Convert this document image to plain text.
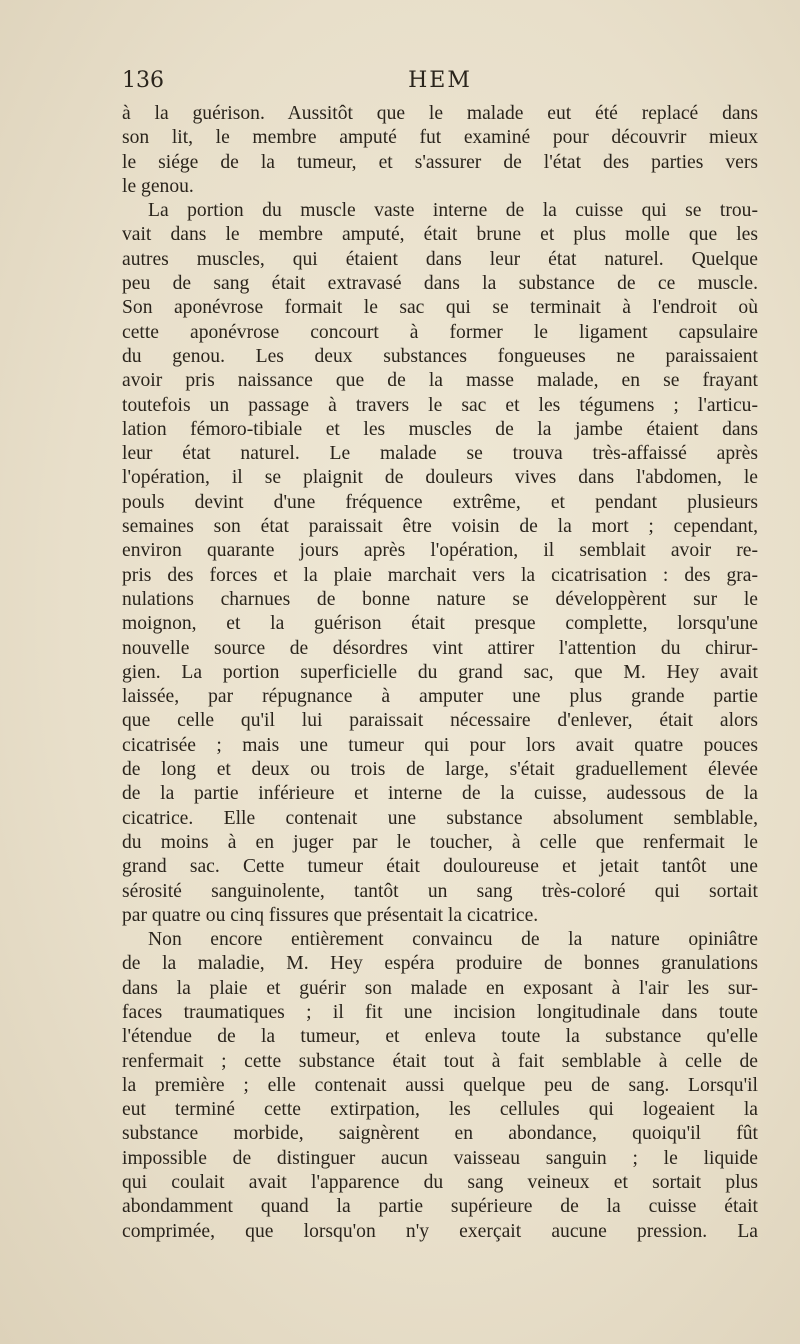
136	HEM
à la guérison. Aussitôt que le malade eut été replacé dans
son lit, le membre amputé fut examiné pour découvrir mieux
le siége de la tumeur, et s'assurer de l'état des parties vers
le genou.
La portion du muscle vaste interne de la cuisse qui se trou-
vait dans le membre amputé, était brune et plus molle que les
autres muscles, qui étaient dans leur état naturel. Quelque
peu de sang était extravasé dans la substance de ce muscle.
Son aponévrose formait le sac qui se terminait à l'endroit où
cette aponévrose concourt à former le ligament capsulaire
du genou. Les deux substances fongueuses ne paraissaient
avoir pris naissance que de la masse malade, en se frayant
toutefois un passage à travers le sac et les tégumens ; l'articu-
lation fémoro-tibiale et les muscles de la jambe étaient dans
leur état naturel. Le malade se trouva très-affaissé après
l'opération, il se plaignit de douleurs vives dans l'abdomen, le
pouls devint d'une fréquence extrême, et pendant plusieurs
semaines son état paraissait être voisin de la mort ; cependant,
environ quarante jours après l'opération, il semblait avoir re-
pris des forces et la plaie marchait vers la cicatrisation : des gra-
nulations charnues de bonne nature se développèrent sur le
moignon, et la guérison était presque complette, lorsqu'une
nouvelle source de désordres vint attirer l'attention du chirur-
gien. La portion superficielle du grand sac, que M. Hey avait
laissée, par répugnance à amputer une plus grande partie
que celle qu'il lui paraissait nécessaire d'enlever, était alors
cicatrisée ; mais une tumeur qui pour lors avait quatre pouces
de long et deux ou trois de large, s'était graduellement élevée
de la partie inférieure et interne de la cuisse, audessous de la
cicatrice. Elle contenait une substance absolument semblable,
du moins à en juger par le toucher, à celle que renfermait le
grand sac. Cette tumeur était douloureuse et jetait tantôt une
sérosité sanguinolente, tantôt un sang très-coloré qui sortait
par quatre ou cinq fissures que présentait la cicatrice.
Non encore entièrement convaincu de la nature opiniâtre
de la maladie, M. Hey espéra produire de bonnes granulations
dans la plaie et guérir son malade en exposant à l'air les sur-
faces traumatiques ; il fit une incision longitudinale dans toute
l'étendue de la tumeur, et enleva toute la substance qu'elle
renfermait ; cette substance était tout à fait semblable à celle de
la première ; elle contenait aussi quelque peu de sang. Lorsqu'il
eut terminé cette extirpation, les cellules qui logeaient la
substance morbide, saignèrent en abondance, quoiqu'il fût
impossible de distinguer aucun vaisseau sanguin ; le liquide
qui coulait avait l'apparence du sang veineux et sortait plus
abondamment quand la partie supérieure de la cuisse était
comprimée, que lorsqu'on n'y exerçait aucune pression. La
